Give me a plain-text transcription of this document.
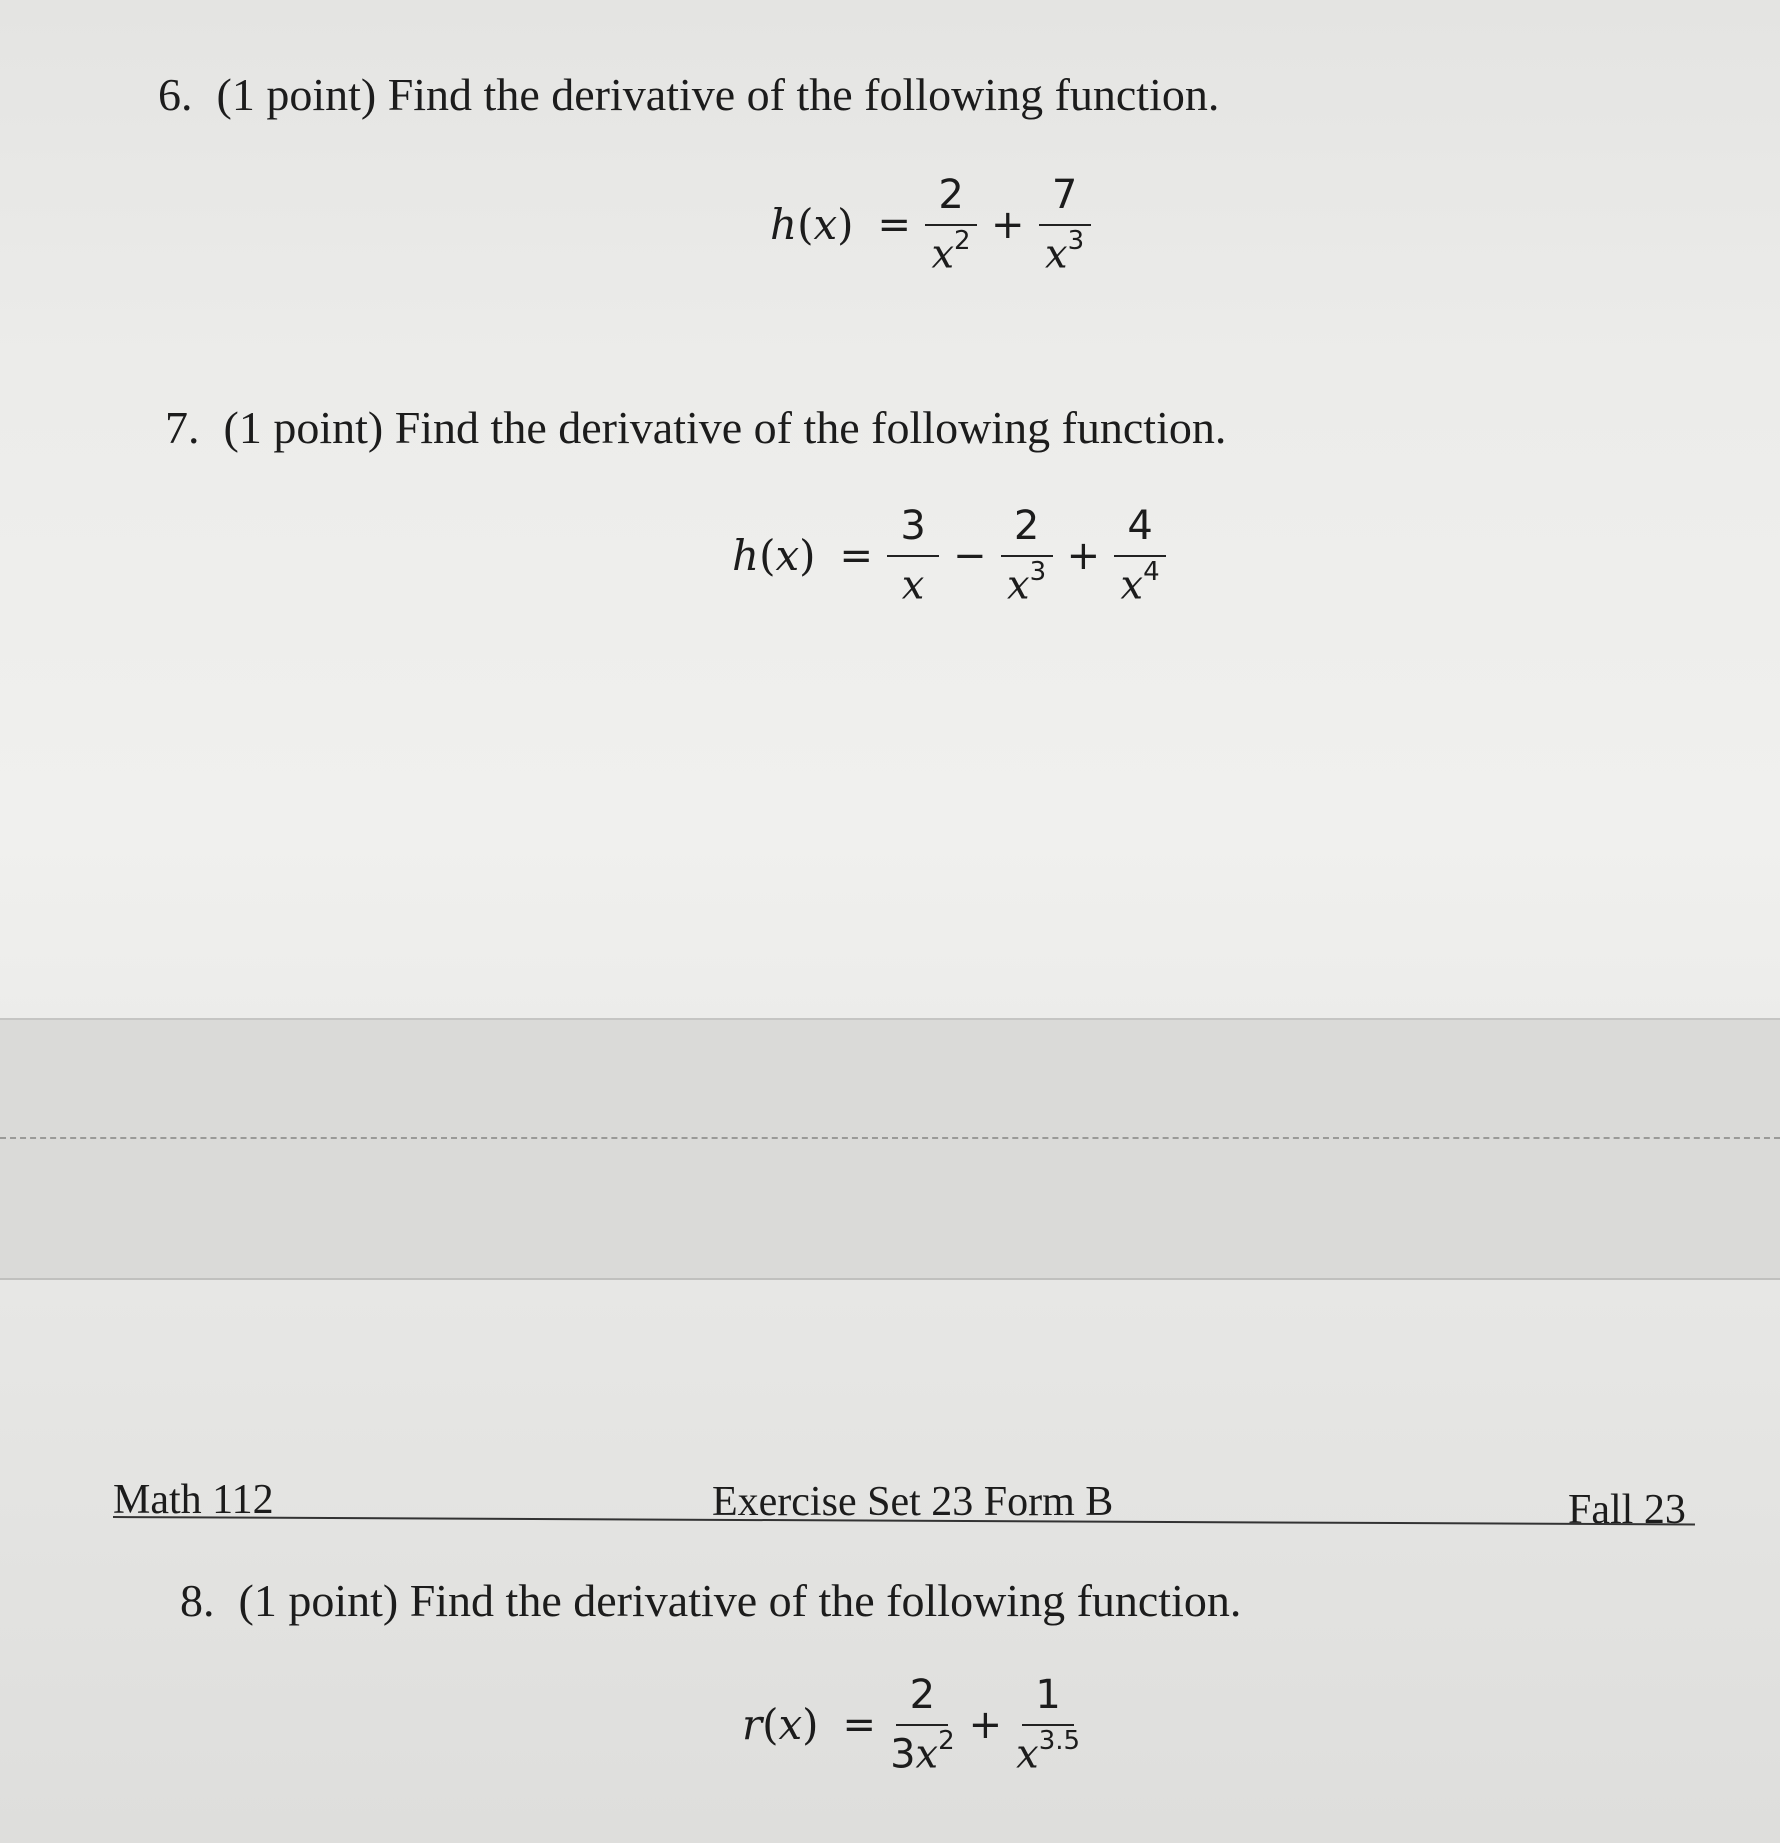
6. (1 point) Find the derivative of the following function.
$h(x) = \frac{2}{x^2} + \frac{7}{x^3}$
7. (1 point) Find the derivative of the following function.
$h(x) = \frac{3}{x} - \frac{2}{x^3} + \frac{4}{x^4}$
Math 112	Exercise Set 23 Form B	Fall 23
8. (1 point) Find the derivative of the following function.
$r(x) = \frac{2}{3x^2} + \frac{1}{x^{3.5}}$
